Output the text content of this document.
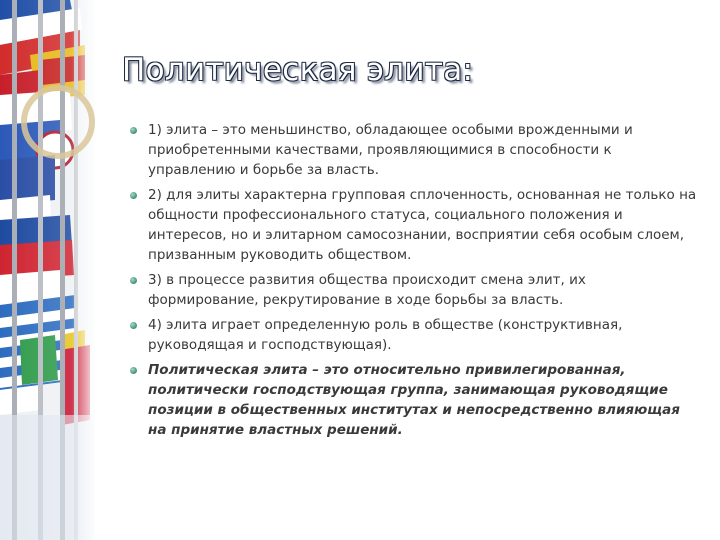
Политическая элита:
1) элита – это меньшинство, обладающее особыми врожденными и приобретенными качествами, проявляющимися в способности к управлению и борьбе за власть.
2) для элиты характерна групповая сплоченность, основанная не только на общности профессионального статуса, социального положения и интересов, но и элитарном самосознании, восприятии себя особым слоем, призванным руководить обществом.
3) в процессе развития общества происходит смена элит, их формирование, рекрутирование в ходе борьбы за власть.
4) элита играет определенную роль в обществе (конструктивная, руководящая и господствующая).
Политическая элита – это относительно привилегированная, политически господствующая группа, занимающая руководящие позиции в общественных институтах и непосредственно влияющая на принятие властных решений.
